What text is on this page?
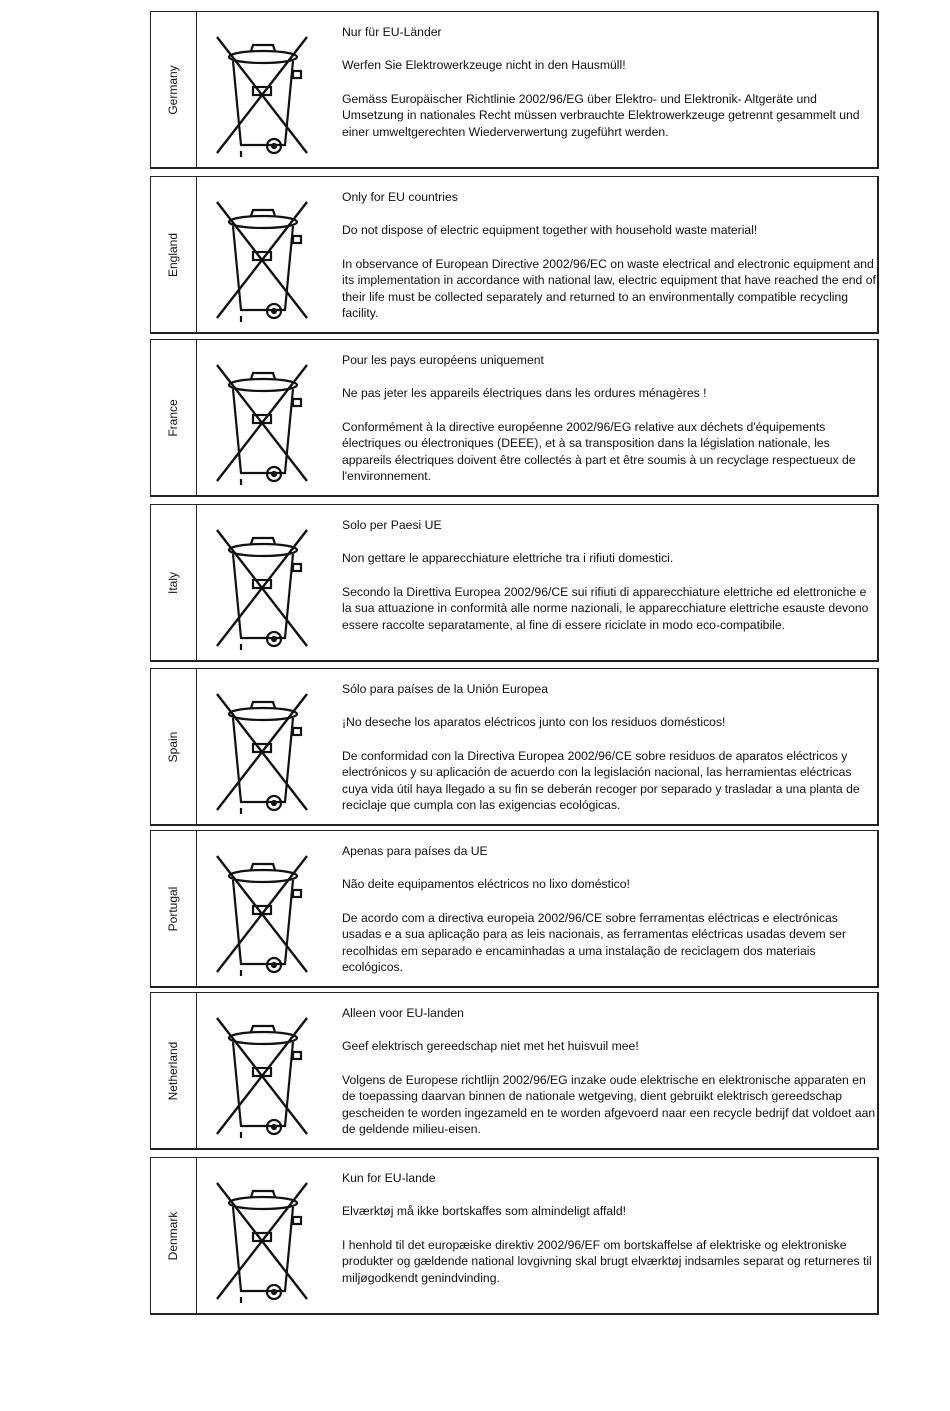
Germany

Nur für EU-Länder

Werfen Sie Elektrowerkzeuge nicht in den Hausmüll!

Gemäss Europäischer Richtlinie 2002/96/EG über Elektro- und Elektronik- Altgeräte und Umsetzung in nationales Recht müssen verbrauchte Elektrowerkzeuge getrennt gesammelt und einer umweltgerechten Wiederverwertung zugeführt werden.

England

Only for EU countries

Do not dispose of electric equipment together with household waste material!

In observance of European Directive 2002/96/EC on waste electrical and electronic equipment and its implementation in accordance with national law, electric equipment that have reached the end of their life must be collected separately and returned to an environmentally compatible recycling facility.

France

Pour les pays européens uniquement

Ne pas jeter les appareils électriques dans les ordures ménagères !

Conformément à la directive européenne 2002/96/EG relative aux déchets d'équipements électriques ou électroniques (DEEE), et à sa transposition dans la législation nationale, les appareils électriques doivent être collectés à part et être soumis à un recyclage respectueux de l'environnement.

Italy

Solo per Paesi UE

Non gettare le apparecchiature elettriche tra i rifiuti domestici.

Secondo la Direttiva Europea 2002/96/CE sui rifiuti di apparecchiature elettriche ed elettroniche e la sua attuazione in conformità alle norme nazionali, le apparecchiature elettriche esauste devono essere raccolte separatamente, al fine di essere riciclate in modo eco-compatibile.

Spain

Sólo para países de la Unión Europea

¡No deseche los aparatos eléctricos junto con los residuos domésticos!

De conformidad con la Directiva Europea 2002/96/CE sobre residuos de aparatos eléctricos y electrónicos y su aplicación de acuerdo con la legislación nacional, las herramientas eléctricas cuya vida útil haya llegado a su fin se deberán recoger por separado y trasladar a una planta de reciclaje que cumpla con las exigencias ecológicas.

Portugal

Apenas para países da UE

Não deite equipamentos eléctricos no lixo doméstico!

De acordo com a directiva europeia 2002/96/CE sobre ferramentas eléctricas e electrónicas usadas e a sua aplicação para as leis nacionais, as ferramentas eléctricas usadas devem ser recolhidas em separado e encaminhadas a uma instalação de reciclagem dos materiais ecológicos.

Netherland

Alleen voor EU-landen

Geef elektrisch gereedschap niet met het huisvuil mee!

Volgens de Europese richtlijn 2002/96/EG inzake oude elektrische en elektronische apparaten en de toepassing daarvan binnen de nationale wetgeving, dient gebruikt elektrisch gereedschap gescheiden te worden ingezameld en te worden afgevoerd naar een recycle bedrijf dat voldoet aan de geldende milieu-eisen.

Denmark

Kun for EU-lande

Elværktøj må ikke bortskaffes som almindeligt affald!

I henhold til det europæiske direktiv 2002/96/EF om bortskaffelse af elektriske og elektroniske produkter og gældende national lovgivning skal brugt elværktøj indsamles separat og returneres til miljøgodkendt genindvinding.
